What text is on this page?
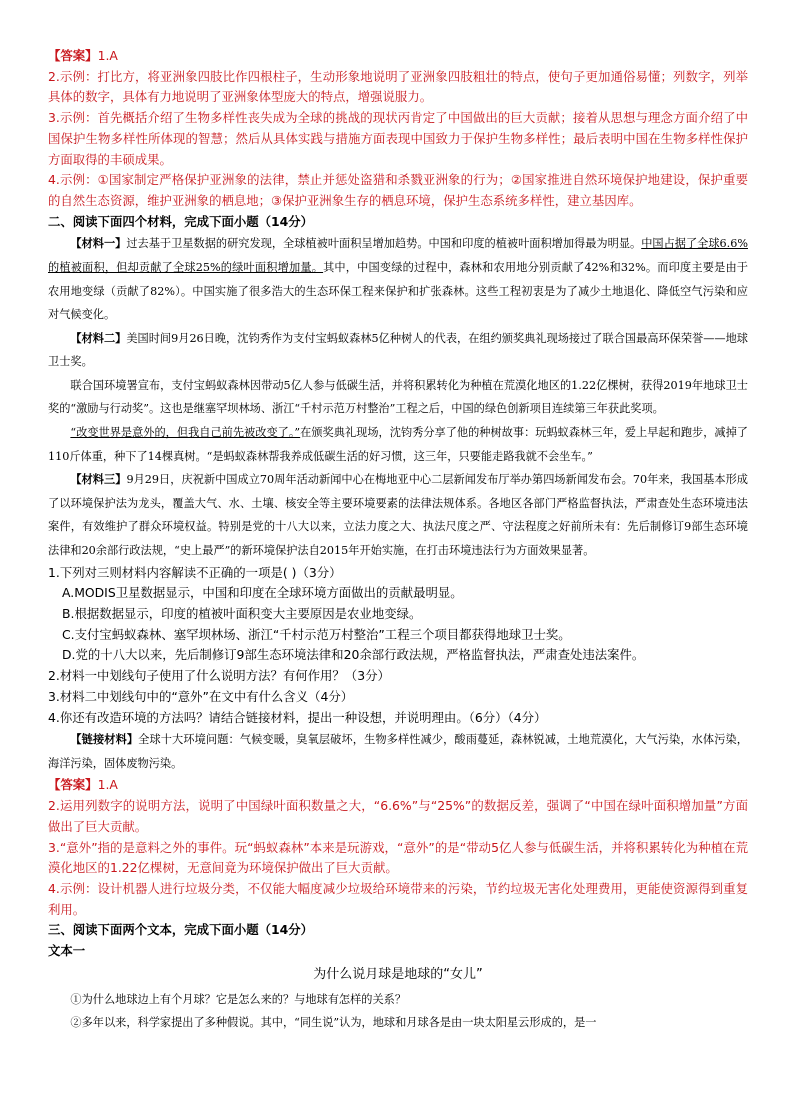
【答案】1.A

2.示例：打比方，将亚洲象四肢比作四根柱子，生动形象地说明了亚洲象四肢粗壮的特点，使句子更加通俗易懂；列数字，列举具体的数字，具体有力地说明了亚洲象体型庞大的特点，增强说服力。

3.示例：首先概括介绍了生物多样性丧失成为全球的挑战的现状丙肯定了中国做出的巨大贡献；接着从思想与理念方面介绍了中国保护生物多样性所体现的智慧；然后从具体实践与措施方面表现中国致力于保护生物多样性；最后表明中国在生物多样性保护方面取得的丰硕成果。

4.示例：①国家制定严格保护亚洲象的法律，禁止并惩处盗猎和杀戮亚洲象的行为；②国家推进自然环境保护地建设，保护重要的自然生态资源，维护亚洲象的栖息地；③保护亚洲象生存的栖息环境，保护生态系统多样性，建立基因库。

二、阅读下面四个材料，完成下面小题（14分）

【材料一】过去基于卫星数据的研究发现，全球植被叶面积呈增加趋势。中国和印度的植被叶面积增加得最为明显。中国占据了全球6.6%的植被面积，但却贡献了全球25%的绿叶面积增加量。其中，中国变绿的过程中，森林和农用地分别贡献了42%和32%。而印度主要是由于农用地变绿（贡献了82%）。中国实施了很多浩大的生态环保工程来保护和扩张森林。这些工程初衷是为了减少土地退化、降低空气污染和应对气候变化。

【材料二】美国时间9月26日晚，沈钧秀作为支付宝蚂蚁森林5亿种树人的代表，在组约颁奖典礼现场接过了联合国最高环保荣誉——地球卫士奖。

联合国环境署宣布，支付宝蚂蚁森林因带动5亿人参与低碳生活，并将积累转化为种植在荒漠化地区的1.22亿棵树，获得2019年地球卫士奖的“激励与行动奖”。这也是继塞罕坝林场、浙江“千村示范万村整治”工程之后，中国的绿色创新项目连续第三年获此奖项。

“改变世界是意外的，但我自己前先被改变了。”在颁奖典礼现场，沈钧秀分享了他的种树故事：玩蚂蚁森林三年，爱上早起和跑步，减掉了110斤体重，种下了14棵真树。“是蚂蚁森林帮我养成低碳生活的好习惯，这三年，只要能走路我就不会坐车。”

【材料三】9月29日，庆祝新中国成立70周年活动新闻中心在梅地亚中心二层新闻发布厅举办第四场新闻发布会。70年来，我国基本形成了以环境保护法为龙头，覆盖大气、水、土壤、核安全等主要环境要素的法律法规体系。各地区各部门严格监督执法，严肃查处生态环境违法案件，有效维护了群众环境权益。特别是党的十八大以来，立法力度之大、执法尺度之严、守法程度之好前所未有：先后制修订9部生态环境法律和20余部行政法规，“史上最严”的新环境保护法自2015年开始实施，在打击环境违法行为方面效果显著。

1.下列对三则材料内容解读不正确的一项是( )（3分）

A.MODIS卫星数据显示，中国和印度在全球环境方面做出的贡献最明显。

B.根据数据显示，印度的植被叶面积变大主要原因是农业地变绿。

C.支付宝蚂蚁森林、塞罕坝林场、浙江“千村示范万村整治”工程三个项目都获得地球卫士奖。

D.党的十八大以来，先后制修订9部生态环境法律和20余部行政法规，严格监督执法，严肃查处违法案件。

2.材料一中划线句子使用了什么说明方法？有何作用？（3分）

3.材料二中划线句中的“意外”在文中有什么含义（4分）

4.你还有改造环境的方法吗？请结合链接材料，提出一种设想，并说明理由。（6分）（4分）

【链接材料】全球十大环境问题：气候变暖，臭氧层破坏，生物多样性减少，酸雨蔓延，森林锐减，土地荒漠化，大气污染，水体污染，海洋污染，固体废物污染。

【答案】1.A

2.运用列数字的说明方法，说明了中国绿叶面积数量之大，“6.6%”与“25%”的数据反差，强调了“中国在绿叶面积增加量”方面做出了巨大贡献。

3.“意外”指的是意料之外的事件。玩“蚂蚁森林”本来是玩游戏，“意外”的是“带动5亿人参与低碳生活，并将积累转化为种植在荒漠化地区的1.22亿棵树，无意间竟为环境保护做出了巨大贡献。

4.示例：设计机器人进行垃圾分类，不仅能大幅度减少垃圾给环境带来的污染，节约垃圾无害化处理费用，更能使资源得到重复利用。

三、阅读下面两个文本，完成下面小题（14分）

文本一

为什么说月球是地球的“女儿”

①为什么地球边上有个月球？它是怎么来的？与地球有怎样的关系？

②多年以来，科学家提出了多种假说。其中，“同生说”认为，地球和月球各是由一块太阳星云形成的，是一
